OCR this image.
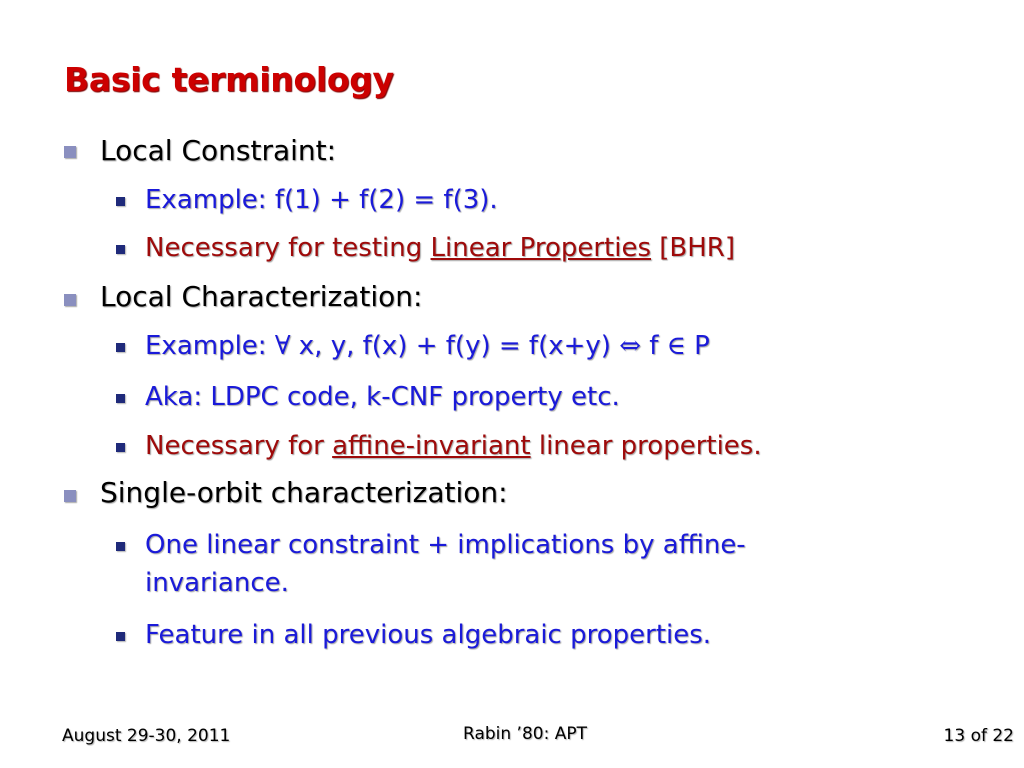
Basic terminology
Local Constraint:
Example: f(1) + f(2) = f(3).
Necessary for testing Linear Properties [BHR]
Local Characterization:
Example: ∀ x, y, f(x) + f(y) = f(x+y) ⇔ f ∈ P
Aka: LDPC code, k-CNF property etc.
Necessary for affine-invariant linear properties.
Single-orbit characterization:
One linear constraint + implications by affine-
invariance.
Feature in all previous algebraic properties.
August 29-30, 2011	Rabin ’80: APT	13 of 22
